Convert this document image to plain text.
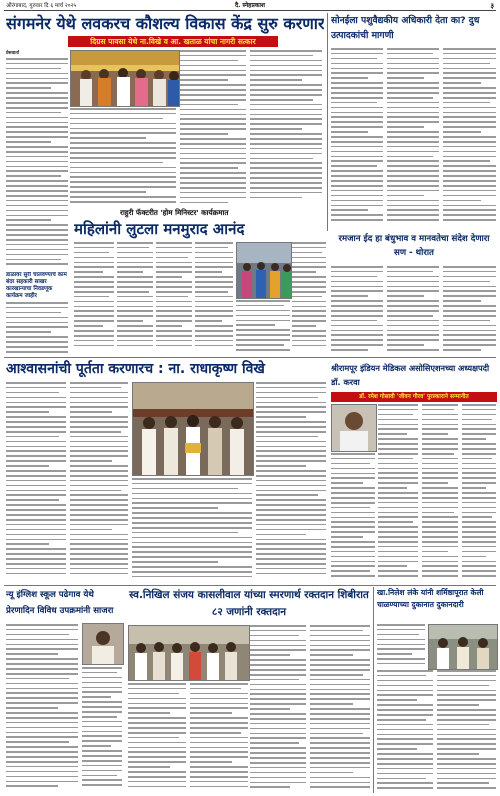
औरंगाबाद, गुरुवार दि ६ मार्च २०२५	दै. स्नेहप्रकाश	३
संगमनेर येथे लवकरच कौशल्य विकास केंद्र सुरु करणार
दिग्रस पावसा येथे ना.विखे व आ. खताळ यांचा नागरी सत्कार
प्रेसवार्ता
डाळावर सुरी चालवण्याचे काम बंदर सहकारी साखर कारखान्याचा निवडणूक कार्यक्रम जाहीर
सोनईला पशुवैद्यकीय अधिकारी देता का? दुध उत्पादकांची मागणी
राहुरी फॅक्टरीत 'होम मिनिस्टर' कार्यक्रमात
महिलांनी लुटला मनमुराद आनंद
रमजान ईद हा बंधुभाव व मानवतेचा संदेश देणारा सण - थोरात
आश्वासनांची पूर्तता करणारच : ना. राधाकृष्ण विखे	श्रीरामपूर इंडियन मेडिकल असोसिएशनच्या अध्यक्षपदी डॉ. करवा
डॉ. रमेश गोसावी 'जीवन गौरव' पुरस्काराने सन्मानीत
न्यू इंग्लिश स्कूल पढेगाव येथे प्रेरणादिन विविध उपक्रमांनी साजरा
स्व.निखिल संजय कासलीवाल यांच्या स्मरणार्थ रक्तदान शिबीरात ८२ जणांनी रक्तदान
खा.निलेश लंके यांनी शर्मिष्ठापूरात केली चाळण्याच्या दुकानात दुकानदारी
